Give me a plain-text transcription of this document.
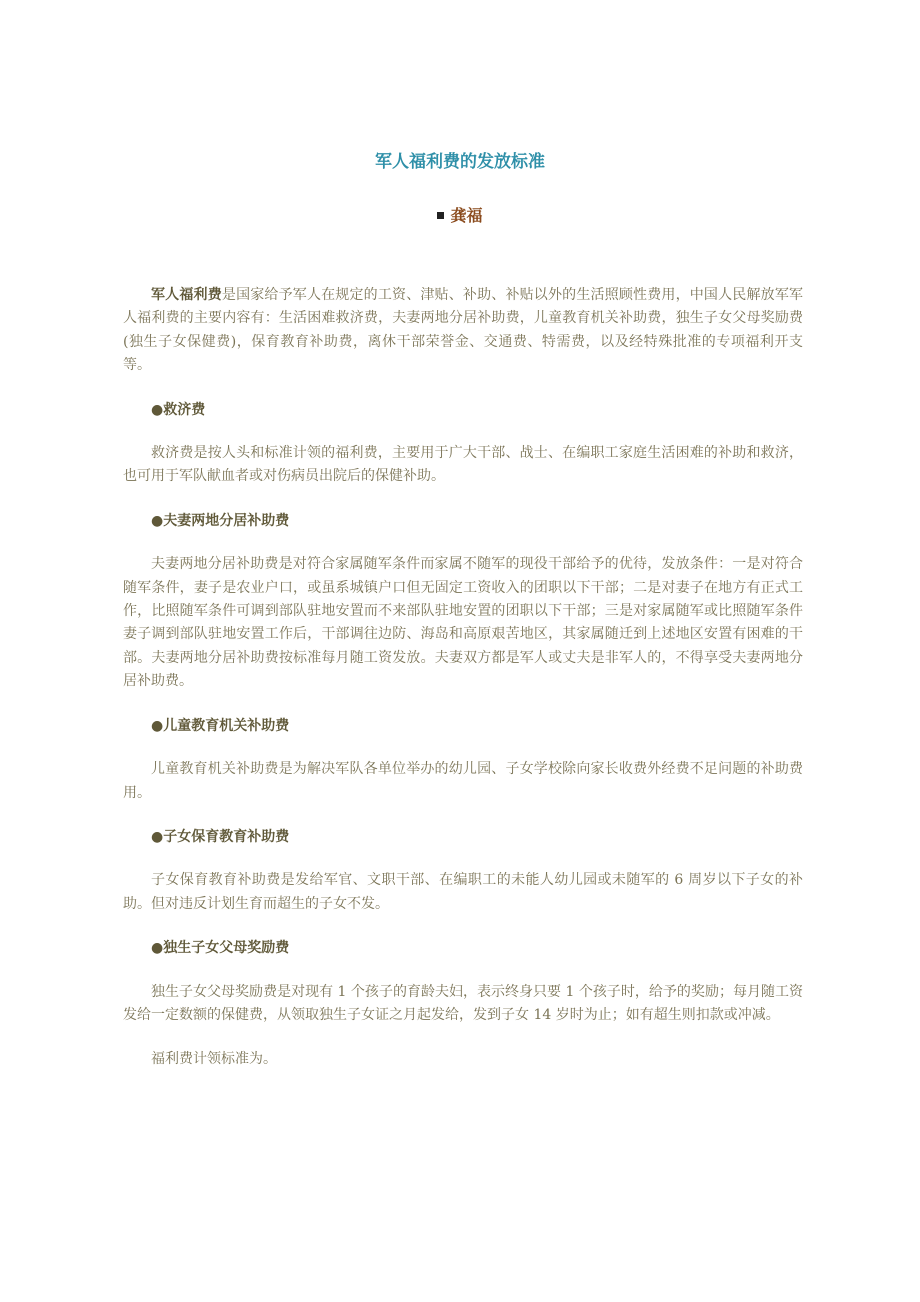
军人福利费的发放标准
龚福

军人福利费是国家给予军人在规定的工资、津贴、补助、补贴以外的生活照顾性费用，中国人民解放军军人福利费的主要内容有：生活困难救济费，夫妻两地分居补助费，儿童教育机关补助费，独生子女父母奖励费(独生子女保健费)，保育教育补助费，离休干部荣誉金、交通费、特需费，以及经特殊批准的专项福利开支等。

●救济费

救济费是按人头和标准计领的福利费，主要用于广大干部、战士、在编职工家庭生活困难的补助和救济，也可用于军队献血者或对伤病员出院后的保健补助。

●夫妻两地分居补助费

夫妻两地分居补助费是对符合家属随军条件而家属不随军的现役干部给予的优待，发放条件：一是对符合随军条件，妻子是农业户口，或虽系城镇户口但无固定工资收入的团职以下干部；二是对妻子在地方有正式工作，比照随军条件可调到部队驻地安置而不来部队驻地安置的团职以下干部；三是对家属随军或比照随军条件妻子调到部队驻地安置工作后，干部调往边防、海岛和高原艰苦地区，其家属随迁到上述地区安置有困难的干部。夫妻两地分居补助费按标准每月随工资发放。夫妻双方都是军人或丈夫是非军人的，不得享受夫妻两地分居补助费。

●儿童教育机关补助费

儿童教育机关补助费是为解决军队各单位举办的幼儿园、子女学校除向家长收费外经费不足问题的补助费用。

●子女保育教育补助费

子女保育教育补助费是发给军官、文职干部、在编职工的未能人幼儿园或未随军的 6 周岁以下子女的补助。但对违反计划生育而超生的子女不发。

●独生子女父母奖励费

独生子女父母奖励费是对现有 1 个孩子的育龄夫妇，表示终身只要 1 个孩子时，给予的奖励；每月随工资发给一定数额的保健费，从领取独生子女证之月起发给，发到子女 14 岁时为止；如有超生则扣款或冲减。

福利费计领标准为。
